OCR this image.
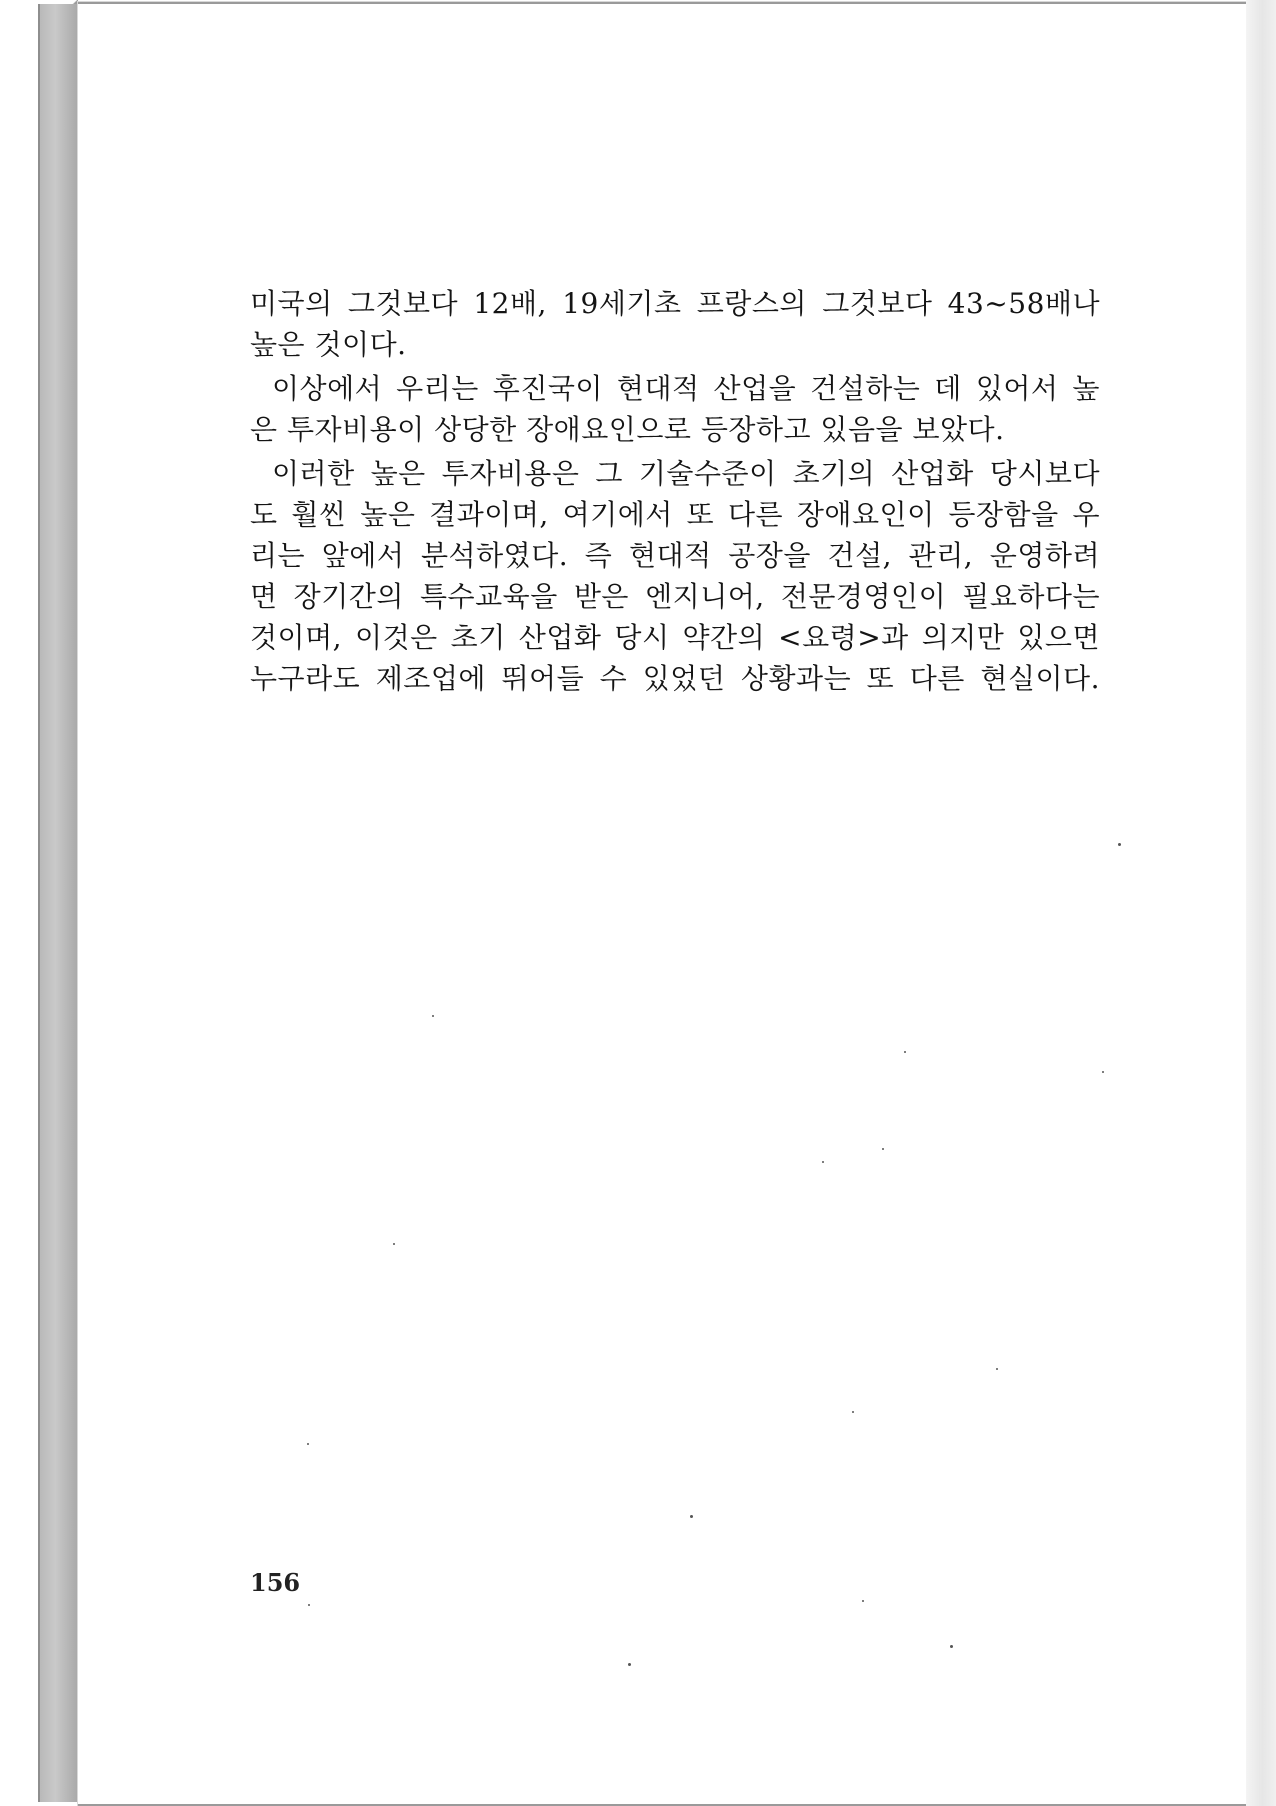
미국의 그것보다 12배, 19세기초 프랑스의 그것보다 43~58배나
높은 것이다.
이상에서 우리는 후진국이 현대적 산업을 건설하는 데 있어서 높
은 투자비용이 상당한 장애요인으로 등장하고 있음을 보았다.
이러한 높은 투자비용은 그 기술수준이 초기의 산업화 당시보다
도 훨씬 높은 결과이며, 여기에서 또 다른 장애요인이 등장함을 우
리는 앞에서 분석하였다. 즉 현대적 공장을 건설, 관리, 운영하려
면 장기간의 특수교육을 받은 엔지니어, 전문경영인이 필요하다는
것이며, 이것은 초기 산업화 당시 약간의 <요령>과 의지만 있으면
누구라도 제조업에 뛰어들 수 있었던 상황과는 또 다른 현실이다.
156
